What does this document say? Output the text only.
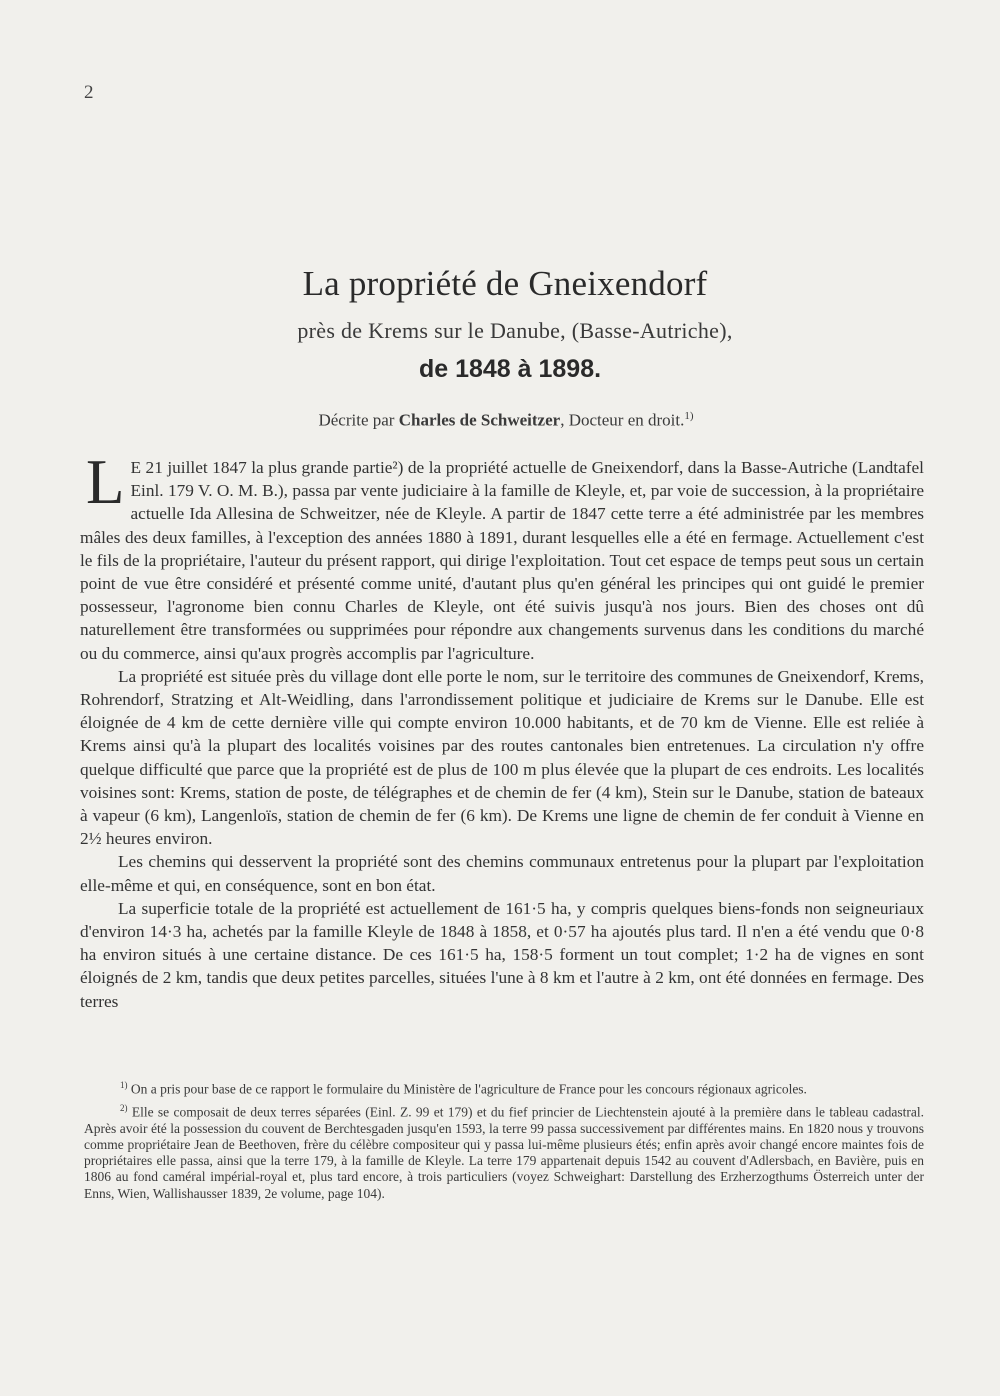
2
La propriété de Gneixendorf
près de Krems sur le Danube, (Basse-Autriche),
de 1848 à 1898.
Décrite par Charles de Schweitzer, Docteur en droit.$^{1)}$

L E 21 juillet 1847 la plus grande partie²) de la propriété actuelle de Gneixendorf, dans la Basse-Autriche (Landtafel Einl. 179 V. O. M. B.), passa par vente judiciaire à la famille de Kleyle, et, par voie de succession, à la propriétaire actuelle Ida Allesina de Schweitzer, née de Kleyle. A partir de 1847 cette terre a été administrée par les membres mâles des deux familles, à l'exception des années 1880 à 1891, durant lesquelles elle a été en fermage. Actuellement c'est le fils de la propriétaire, l'auteur du présent rapport, qui dirige l'exploitation. Tout cet espace de temps peut sous un certain point de vue être considéré et présenté comme unité, d'autant plus qu'en général les principes qui ont guidé le premier possesseur, l'agronome bien connu Charles de Kleyle, ont été suivis jusqu'à nos jours. Bien des choses ont dû naturellement être transformées ou supprimées pour répondre aux changements survenus dans les conditions du marché ou du commerce, ainsi qu'aux progrès accomplis par l'agriculture.

La propriété est située près du village dont elle porte le nom, sur le territoire des communes de Gneixendorf, Krems, Rohrendorf, Stratzing et Alt-Weidling, dans l'arrondissement politique et judiciaire de Krems sur le Danube. Elle est éloignée de 4 km de cette dernière ville qui compte environ 10.000 habitants, et de 70 km de Vienne. Elle est reliée à Krems ainsi qu'à la plupart des localités voisines par des routes cantonales bien entretenues. La circulation n'y offre quelque difficulté que parce que la propriété est de plus de 100 m plus élevée que la plupart de ces endroits. Les localités voisines sont: Krems, station de poste, de télégraphes et de chemin de fer (4 km), Stein sur le Danube, station de bateaux à vapeur (6 km), Langenloïs, station de chemin de fer (6 km). De Krems une ligne de chemin de fer conduit à Vienne en 2½ heures environ.

Les chemins qui desservent la propriété sont des chemins communaux entretenus pour la plupart par l'exploitation elle-même et qui, en conséquence, sont en bon état.

La superficie totale de la propriété est actuellement de 161·5 ha, y compris quelques biens-fonds non seigneuriaux d'environ 14·3 ha, achetés par la famille Kleyle de 1848 à 1858, et 0·57 ha ajoutés plus tard. Il n'en a été vendu que 0·8 ha environ situés à une certaine distance. De ces 161·5 ha, 158·5 forment un tout complet; 1·2 ha de vignes en sont éloignés de 2 km, tandis que deux petites parcelles, situées l'une à 8 km et l'autre à 2 km, ont été données en fermage. Des terres

$^{1)}$ On a pris pour base de ce rapport le formulaire du Ministère de l'agriculture de France pour les concours régionaux agricoles.

$^{2)}$ Elle se composait de deux terres séparées (Einl. Z. 99 et 179) et du fief princier de Liechtenstein ajouté à la première dans le tableau cadastral. Après avoir été la possession du couvent de Berchtesgaden jusqu'en 1593, la terre 99 passa successivement par différentes mains. En 1820 nous y trouvons comme propriétaire Jean de Beethoven, frère du célèbre compositeur qui y passa lui-même plusieurs étés; enfin après avoir changé encore maintes fois de propriétaires elle passa, ainsi que la terre 179, à la famille de Kleyle. La terre 179 appartenait depuis 1542 au couvent d'Adlersbach, en Bavière, puis en 1806 au fond caméral impérial-royal et, plus tard encore, à trois particuliers (voyez Schweighart: Darstellung des Erzherzogthums Österreich unter der Enns, Wien, Wallishausser 1839, 2e volume, page 104).
